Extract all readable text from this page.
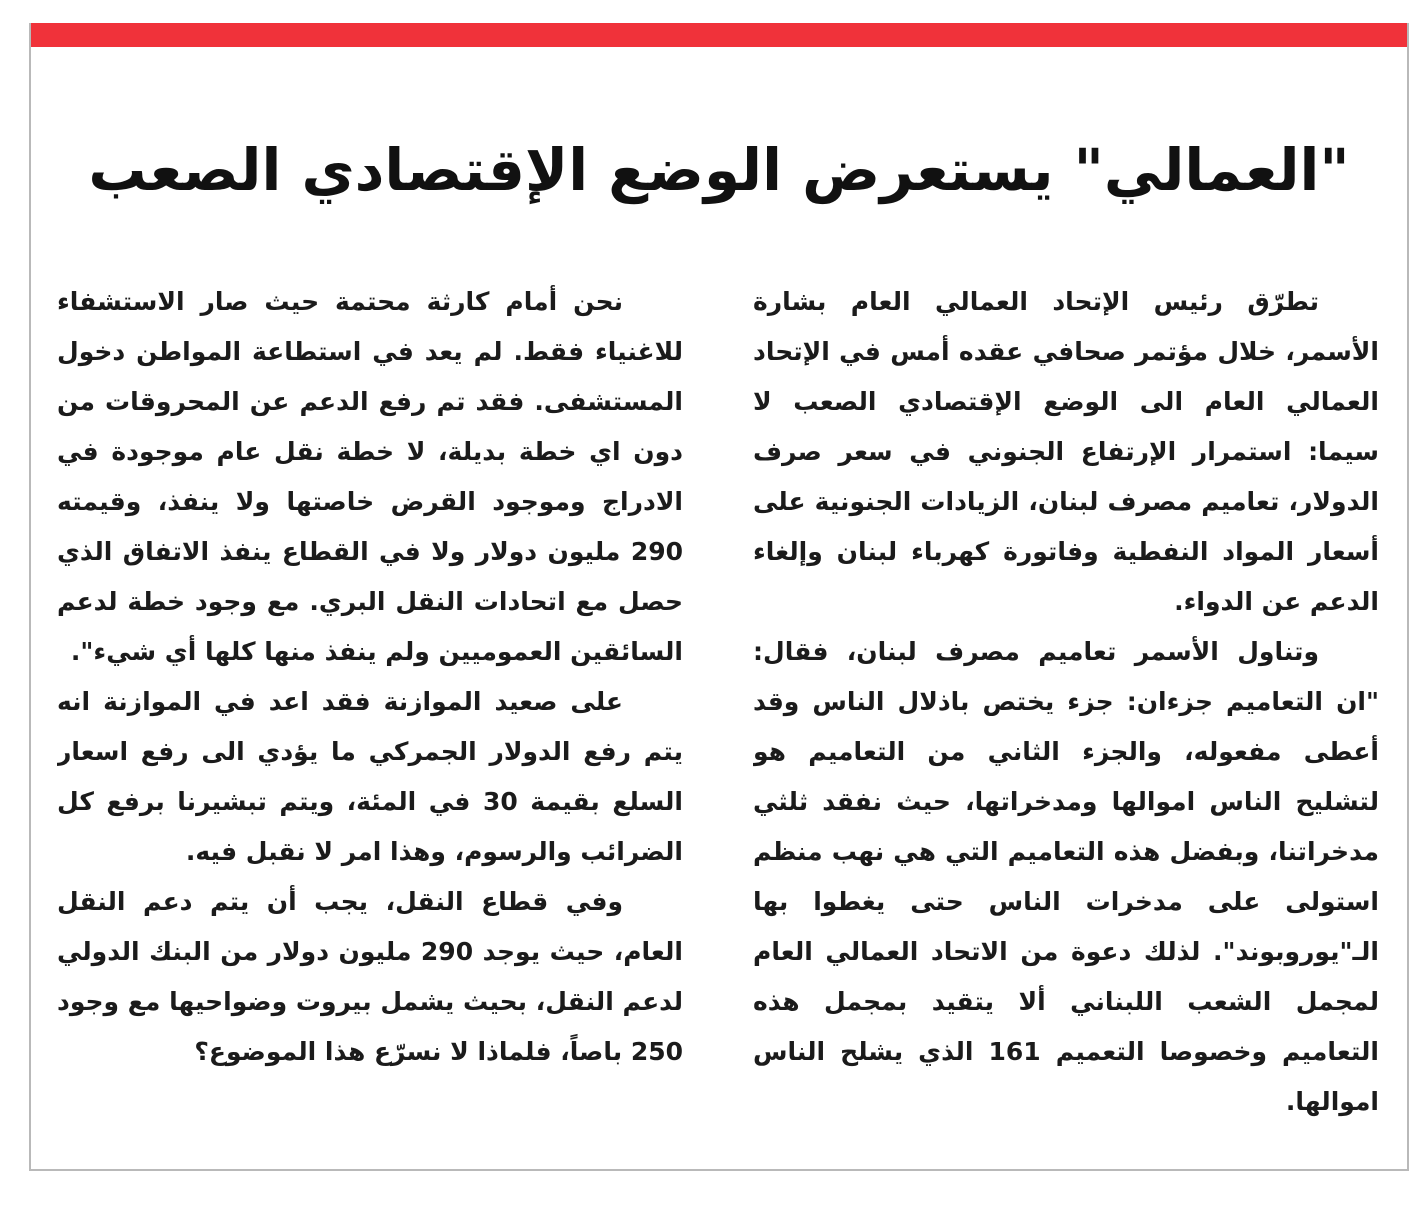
"العمالي" يستعرض الوضع الإقتصادي الصعب

تطرّق رئيس الإتحاد العمالي العام بشارة الأسمر، خلال مؤتمر صحافي عقده أمس في الإتحاد العمالي العام الى الوضع الإقتصادي الصعب لا سيما: استمرار الإرتفاع الجنوني في سعر صرف الدولار، تعاميم مصرف لبنان، الزيادات الجنونية على أسعار المواد النفطية وفاتورة كهرباء لبنان وإلغاء الدعم عن الدواء.

وتناول الأسمر تعاميم مصرف لبنان، فقال: "ان التعاميم جزءان: جزء يختص باذلال الناس وقد أعطى مفعوله، والجزء الثاني من التعاميم هو لتشليح الناس اموالها ومدخراتها، حيث نفقد ثلثي مدخراتنا، وبفضل هذه التعاميم التي هي نهب منظم استولى على مدخرات الناس حتى يغطوا بها الـ"يوروبوند". لذلك دعوة من الاتحاد العمالي العام لمجمل الشعب اللبناني ألا يتقيد بمجمل هذه التعاميم وخصوصا التعميم 161 الذي يشلح الناس اموالها.

نحن أمام كارثة محتمة حيث صار الاستشفاء للاغنياء فقط. لم يعد في استطاعة المواطن دخول المستشفى. فقد تم رفع الدعم عن المحروقات من دون اي خطة بديلة، لا خطة نقل عام موجودة في الادراج وموجود القرض خاصتها ولا ينفذ، وقيمته 290 مليون دولار ولا في القطاع ينفذ الاتفاق الذي حصل مع اتحادات النقل البري. مع وجود خطة لدعم السائقين العموميين ولم ينفذ منها كلها أي شيء".

على صعيد الموازنة فقد اعد في الموازنة انه يتم رفع الدولار الجمركي ما يؤدي الى رفع اسعار السلع بقيمة 30 في المئة، ويتم تبشيرنا برفع كل الضرائب والرسوم، وهذا امر لا نقبل فيه.

وفي قطاع النقل، يجب أن يتم دعم النقل العام، حيث يوجد 290 مليون دولار من البنك الدولي لدعم النقل، بحيث يشمل بيروت وضواحيها مع وجود 250 باصاً، فلماذا لا نسرّع هذا الموضوع؟
